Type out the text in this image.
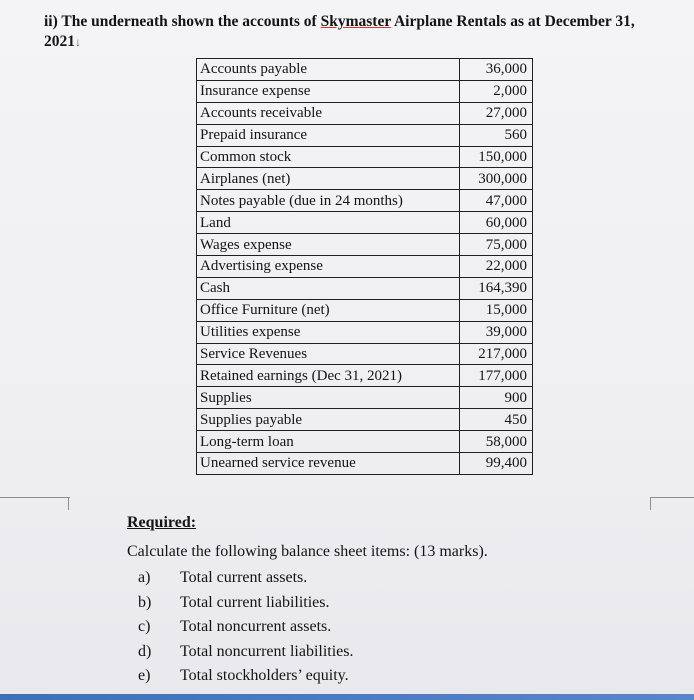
ii) The underneath shown the accounts of Skymaster Airplane Rentals as at December 31,
2021↓
Accounts payable	36,000
Insurance expense	2,000
Accounts receivable	27,000
Prepaid insurance	560
Common stock	150,000
Airplanes (net)	300,000
Notes payable (due in 24 months)	47,000
Land	60,000
Wages expense	75,000
Advertising expense	22,000
Cash	164,390
Office Furniture (net)	15,000
Utilities expense	39,000
Service Revenues	217,000
Retained earnings (Dec 31, 2021)	177,000
Supplies	900
Supplies payable	450
Long-term loan	58,000
Unearned service revenue	99,400
Required:
Calculate the following balance sheet items: (13 marks).
a)	Total current assets.
b)	Total current liabilities.
c)	Total noncurrent assets.
d)	Total noncurrent liabilities.
e)	Total stockholders’ equity.
